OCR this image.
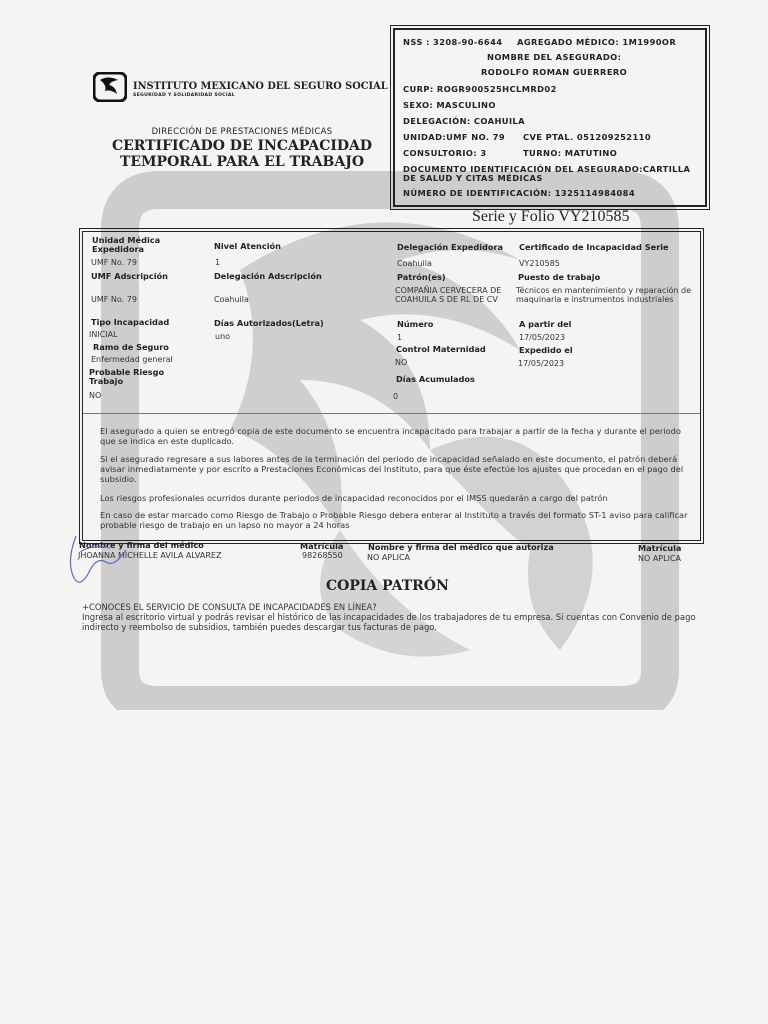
NSS : 3208-90-6644 AGREGADO MÉDICO: 1M1990OR
NOMBRE DEL ASEGURADO:
RODOLFO ROMAN GUERRERO
CURP: ROGR900525HCLMRD02
SEXO: MASCULINO
DELEGACIÓN: COAHUILA
UNIDAD:UMF NO. 79 CVE PTAL. 051209252110
CONSULTORIO: 3	TURNO: MATUTINO
DOCUMENTO IDENTIFICACIÓN DEL ASEGURADO:CARTILLA
DE SALUD Y CITAS MÉDICAS
NÚMERO DE IDENTIFICACIÓN: 1325114984084
INSTITUTO MEXICANO DEL SEGURO SOCIAL
SEGURIDAD Y SOLIDARIDAD SOCIAL
DIRECCIÓN DE PRESTACIONES MÉDICAS
CERTIFICADO DE INCAPACIDAD
TEMPORAL PARA EL TRABAJO
Serie y Folio VY210585
Unidad Médica Expedidora
UMF No. 79
UMF Adscripción
UMF No. 79
Tipo Incapacidad
INICIAL
Ramo de Seguro
Enfermedad general
Probable Riesgo Trabajo
NO
Nivel Atención
1
Delegación Adscripción
Coahuila
Días Autorizados(Letra)
uno
Delegación Expedidora
Coahuila
Patrón(es)
COMPAÑIA CERVECERA DE COAHUILA S DE RL DE CV
Número
1
Control Maternidad
NO
Días Acumulados
0
Certificado de Incapacidad Serie
VY210585
Puesto de trabajo
Técnicos en mantenimiento y reparación de maquinaria e instrumentos industriales
A partir del
17/05/2023
Expedido el
17/05/2023
El asegurado a quien se entregó copia de este documento se encuentra incapacitado para trabajar a partir de la fecha y durante el periodo que se indica en este duplicado.
Si el asegurado regresare a sus labores antes de la terminación del periodo de incapacidad señalado en este documento, el patrón deberá avisar inmediatamente y por escrito a Prestaciones Económicas del Instituto, para que éste efectúe los ajustes que procedan en el pago del subsidio.
Los riesgos profesionales ocurridos durante periodos de incapacidad reconocidos por el IMSS quedarán a cargo del patrón
En caso de estar marcado como Riesgo de Trabajo o Probable Riesgo debera enterar al Instituto a través del formato ST-1 aviso para calificar probable riesgo de trabajo en un lapso no mayor a 24 horas
Nombre y firma del médico
JHOANNA MICHELLE AVILA ALVAREZ
Matrícula
98268550
Nombre y firma del médico que autoriza
NO APLICA
Matrícula
NO APLICA
COPIA PATRÓN
+CONOCES EL SERVICIO DE CONSULTA DE INCAPACIDADES EN LÍNEA?
Ingresa al escritorio virtual y podrás revisar el histórico de las incapacidades de los trabajadores de tu empresa. Si cuentas con Convenio de pago indirecto y reembolso de subsidios, también puedes descargar tus facturas de pago.
